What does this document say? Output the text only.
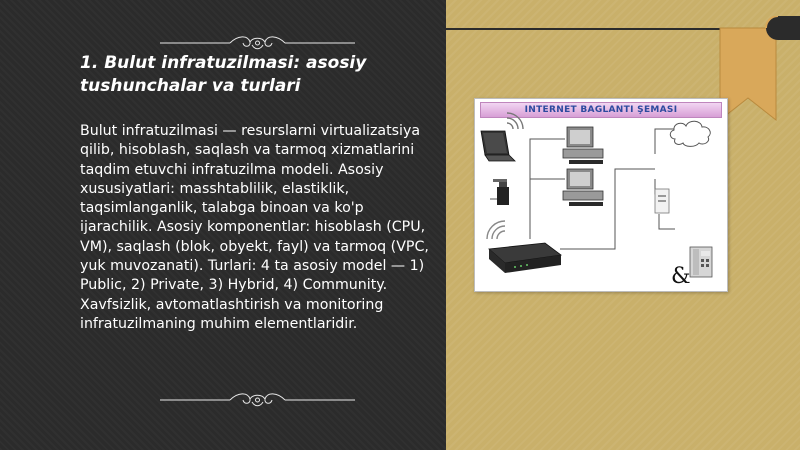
1. Bulut infratuzilmasi: asosiy tushunchalar va turlari
Bulut infratuzilmasi — resurslarni virtualizatsiya qilib, hisoblash, saqlash va tarmoq xizmatlarini taqdim etuvchi infratuzilma modeli. Asosiy xususiyatlari: masshtablilik, elastiklik, taqsimlanganlik, talabga binoan va ko'p ijarachilik. Asosiy komponentlar: hisoblash (CPU, VM), saqlash (blok, obyekt, fayl) va tarmoq (VPC, yuk muvozanati). Turlari: 4 ta asosiy model — 1) Public, 2) Private, 3) Hybrid, 4) Community. Xavfsizlik, avtomatlashtirish va monitoring infratuzilmaning muhim elementlaridir.
INTERNET BAGLANTI ŞEMASI
&
